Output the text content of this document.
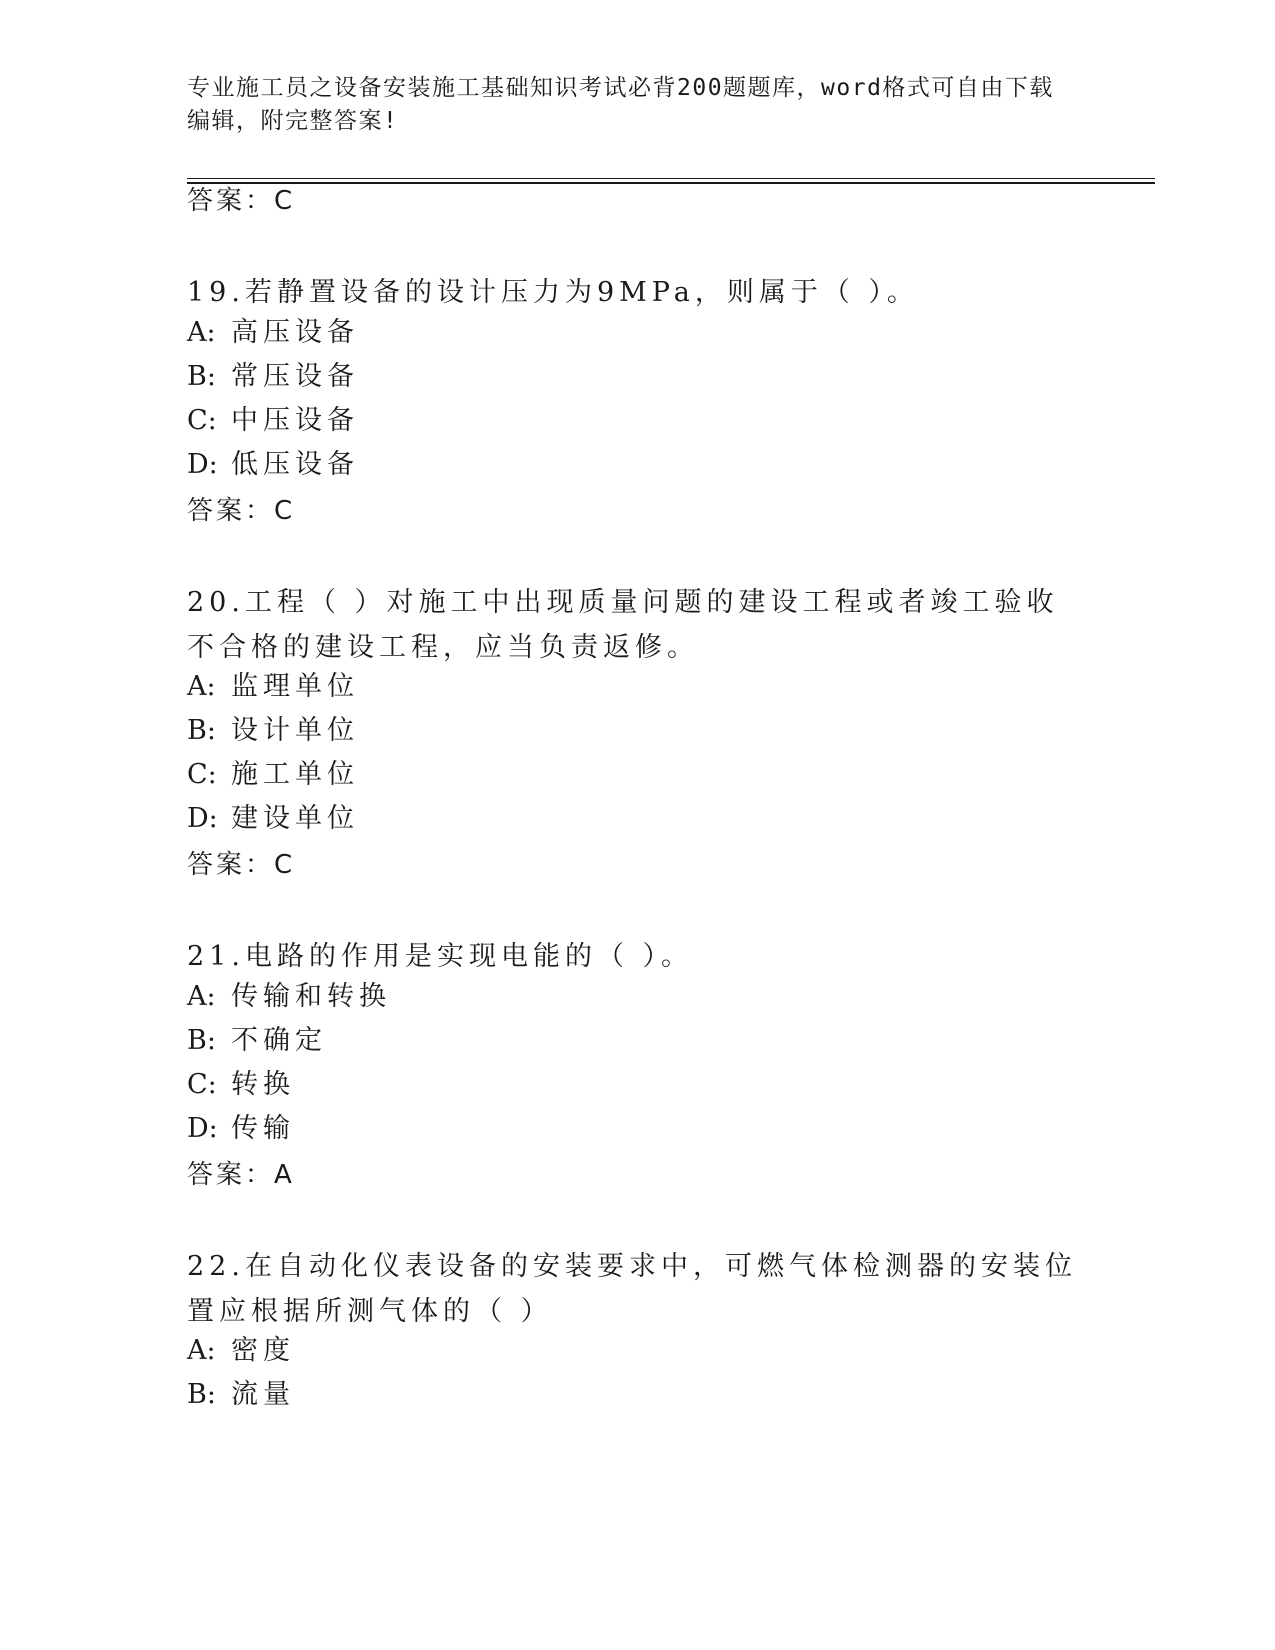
专业施工员之设备安装施工基础知识考试必背200题题库，word格式可自由下载编辑，附完整答案!
答案：C
19.若静置设备的设计压力为9MPa，则属于（ ）。
A: 高压设备
B: 常压设备
C: 中压设备
D: 低压设备
答案：C
20.工程（ ）对施工中出现质量问题的建设工程或者竣工验收不合格的建设工程，应当负责返修。
A: 监理单位
B: 设计单位
C: 施工单位
D: 建设单位
答案：C
21.电路的作用是实现电能的（ ）。
A: 传输和转换
B: 不确定
C: 转换
D: 传输
答案：A
22.在自动化仪表设备的安装要求中，可燃气体检测器的安装位置应根据所测气体的（ ）
A: 密度
B: 流量
